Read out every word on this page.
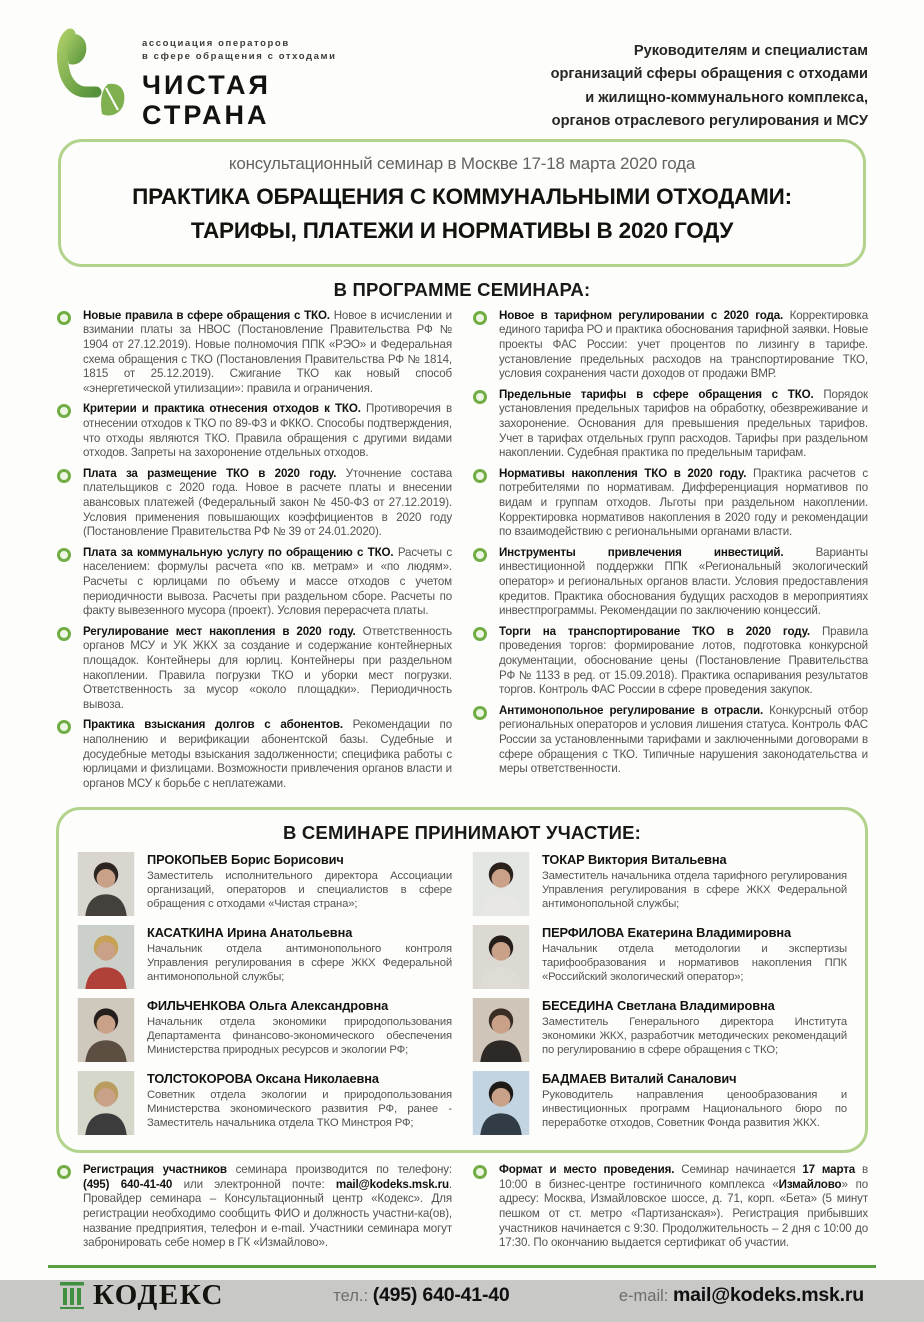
ассоциация операторов
в сфере обращения с отходами
ЧИСТАЯ
СТРАНА
Руководителям и специалистам
организаций сферы обращения с отходами
и жилищно-коммунального комплекса,
органов отраслевого регулирования и МСУ
консультационный семинар в Москве 17-18 марта 2020 года
ПРАКТИКА ОБРАЩЕНИЯ С КОММУНАЛЬНЫМИ ОТХОДАМИ:
ТАРИФЫ, ПЛАТЕЖИ И НОРМАТИВЫ В 2020 ГОДУ
В ПРОГРАММЕ СЕМИНАРА:
Новые правила в сфере обращения с ТКО. Новое в исчислении и взимании платы за НВОС (Постановление Правительства РФ № 1904 от 27.12.2019). Новые полномочия ППК «РЭО» и Федеральная схема обращения с ТКО (Постановления Правительства РФ № 1814, 1815 от 25.12.2019). Сжигание ТКО как новый способ «энергетической утилизации»: правила и ограничения.
Критерии и практика отнесения отходов к ТКО. Противоречия в отнесении отходов к ТКО по 89-ФЗ и ФККО. Способы подтверждения, что отходы являются ТКО. Правила обращения с другими видами отходов. Запреты на захоронение отдельных отходов.
Плата за размещение ТКО в 2020 году. Уточнение состава плательщиков с 2020 года. Новое в расчете платы и внесении авансовых платежей (Федеральный закон № 450-ФЗ от 27.12.2019). Условия применения повышающих коэффициентов в 2020 году (Постановление Правительства РФ № 39 от 24.01.2020).
Плата за коммунальную услугу по обращению с ТКО. Расчеты с населением: формулы расчета «по кв. метрам» и «по людям». Расчеты с юрлицами по объему и массе отходов с учетом периодичности вывоза. Расчеты при раздельном сборе. Расчеты по факту вывезенного мусора (проект). Условия перерасчета платы.
Регулирование мест накопления в 2020 году. Ответственность органов МСУ и УК ЖКХ за создание и содержание контейнерных площадок. Контейнеры для юрлиц. Контейнеры при раздельном накоплении. Правила погрузки ТКО и уборки мест погрузки. Ответственность за мусор «около площадки». Периодичность вывоза.
Практика взыскания долгов с абонентов. Рекомендации по наполнению и верификации абонентской базы. Судебные и досудебные методы взыскания задолженности; специфика работы с юрлицами и физлицами. Возможности привлечения органов власти и органов МСУ к борьбе с неплатежами.
Новое в тарифном регулировании с 2020 года. Корректировка единого тарифа РО и практика обоснования тарифной заявки. Новые проекты ФАС России: учет процентов по лизингу в тарифе. установление предельных расходов на транспортирование ТКО, условия сохранения части доходов от продажи ВМР.
Предельные тарифы в сфере обращения с ТКО. Порядок установления предельных тарифов на обработку, обезвреживание и захоронение. Основания для превышения предельных тарифов. Учет в тарифах отдельных групп расходов. Тарифы при раздельном накоплении. Судебная практика по предельным тарифам.
Нормативы накопления ТКО в 2020 году. Практика расчетов с потребителями по нормативам. Дифференциация нормативов по видам и группам отходов. Льготы при раздельном накоплении. Корректировка нормативов накопления в 2020 году и рекомендации по взаимодействию с региональными органами власти.
Инструменты привлечения инвестиций.	Варианты инвестиционной поддержки ППК «Региональный экологический оператор» и региональных органов власти. Условия предоставления кредитов. Практика обоснования будущих расходов в мероприятиях инвестпрограммы. Рекомендации по заключению концессий.
Торги на транспортирование ТКО в 2020 году. Правила проведения торгов: формирование лотов, подготовка конкурсной документации, обоснование цены (Постановление Правительства РФ № 1133 в ред. от 15.09.2018). Практика оспаривания результатов торгов. Контроль ФАС России в сфере проведения закупок.
Антимонопольное регулирование в отрасли. Конкурсный отбор региональных операторов и условия лишения статуса. Контроль ФАС России за установленными тарифами и заключенными договорами в сфере обращения с ТКО. Типичные нарушения законодательства и меры ответственности.
В СЕМИНАРЕ ПРИНИМАЮТ УЧАСТИЕ:
ПРОКОПЬЕВ Борис Борисович
Заместитель исполнительного директора Ассоциации организаций, операторов и специалистов в сфере обращения с отходами «Чистая страна»;
КАСАТКИНА Ирина Анатольевна
Начальник отдела антимонопольного контроля Управления регулирования в сфере ЖКХ Федеральной антимонопольной службы;
ФИЛЬЧЕНКОВА Ольга Александровна
Начальник отдела экономики природопользования Департамента финансово-экономического обеспечения Министерства природных ресурсов и экологии РФ;
ТОЛСТОКОРОВА Оксана Николаевна
Советник отдела экологии и природопользования Министерства экономического развития РФ, ранее - Заместитель начальника отдела ТКО Минстроя РФ;
ТОКАР Виктория Витальевна
Заместитель начальника отдела тарифного регулирования Управления регулирования в сфере ЖКХ Федеральной антимонопольной службы;
ПЕРФИЛОВА Екатерина Владимировна
Начальник отдела методологии и экспертизы тарифообразования и нормативов накопления ППК «Российский экологический оператор»;
БЕСЕДИНА Светлана Владимировна
Заместитель Генерального директора Института экономики ЖКХ, разработчик методических рекомендаций по регулированию в сфере обращения с ТКО;
БАДМАЕВ Виталий Саналович
Руководитель направления ценообразования и инвестиционных программ Национального бюро по переработке отходов, Советник Фонда развития ЖКХ.
Регистрация участников семинара производится по телефону: (495) 640-41-40 или электронной почте: mail@kodeks.msk.ru. Провайдер семинара – Консультационный центр «Кодекс». Для регистрации необходимо сообщить ФИО и должность участни-ка(ов), название предприятия, телефон и e-mail. Участники семинара могут забронировать себе номер в ГК «Измайлово».
Формат и место проведения. Семинар начинается 17 марта в 10:00 в бизнес-центре гостиничного комплекса «Измайлово» по адресу: Москва, Измайловское шоссе, д. 71, корп. «Бета» (5 минут пешком от ст. метро «Партизанская»). Регистрация прибывших участников начинается с 9:30. Продолжительность – 2 дня с 10:00 до 17:30. По окончанию выдается сертификат об участии.
КОДЕКС	тел.: (495) 640-41-40	e-mail: mail@kodeks.msk.ru
